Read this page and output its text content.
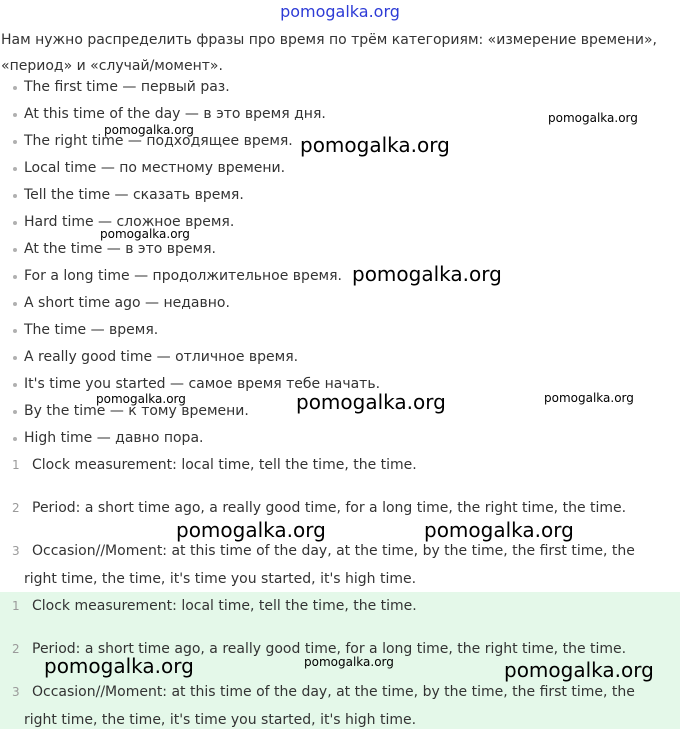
pomogalka.org
Нам нужно распределить фразы про время по трём категориям: «измерение времени», «период» и «случай/момент».
The first time — первый раз.
At this time of the day — в это время дня.
The right time — подходящее время.
Local time — по местному времени.
Tell the time — сказать время.
Hard time — сложное время.
At the time — в это время.
For a long time — продолжительное время.
A short time ago — недавно.
The time — время.
A really good time — отличное время.
It's time you started — самое время тебе начать.
By the time — к тому времени.
High time — давно пора.
1 Clock measurement: local time, tell the time, the time.
2 Period: a short time ago, a really good time, for a long time, the right time, the time.
3 Occasion//Moment: at this time of the day, at the time, by the time, the first time, the right time, the time, it's time you started, it's high time.
1 Clock measurement: local time, tell the time, the time.
2 Period: a short time ago, a really good time, for a long time, the right time, the time.
3 Occasion//Moment: at this time of the day, at the time, by the time, the first time, the right time, the time, it's time you started, it's high time.
pomogalka.org
pomogalka.org
pomogalka.org
pomogalka.org
pomogalka.org
pomogalka.org	pomogalka.org	pomogalka.org
pomogalka.org	pomogalka.org
pomogalka.org	pomogalka.org	pomogalka.org
